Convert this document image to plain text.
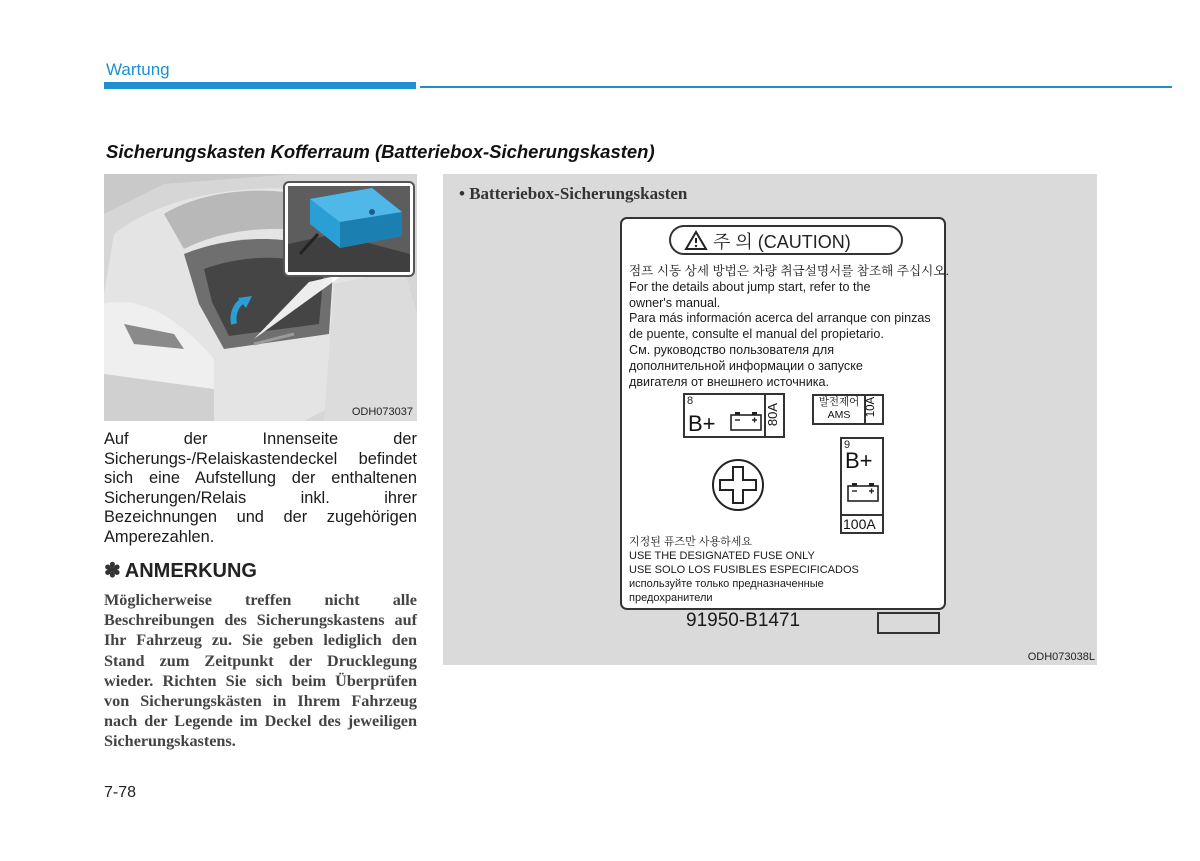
Wartung
Sicherungskasten Kofferraum (Batteriebox-Sicherungskasten)
ODH073037
Auf der Innenseite der Sicherungs-/Relaiskastendeckel befindet sich eine Aufstellung der enthaltenen Sicherungen/Relais inkl. ihrer Bezeichnungen und der zugehörigen Amperezahlen.
✽ ANMERKUNG
Möglicherweise treffen nicht alle Beschreibungen des Sicherungskastens auf Ihr Fahrzeug zu. Sie geben lediglich den Stand zum Zeitpunkt der Drucklegung wieder. Richten Sie sich beim Überprüfen von Sicherungskästen in Ihrem Fahrzeug nach der Legende im Deckel des jeweiligen Sicherungskastens.
7-78
• Batteriebox-Sicherungskasten
주 의 (CAUTION)
점프 시동 상세 방법은 차량 취급설명서를 참조해 주십시오.
For the details about jump start, refer to the
owner's manual.
Para más información acerca del arranque con pinzas
de puente, consulte el manual del propietario.
См. руководство пользователя для
дополнительной информации о запуске
двигателя от внешнего источника.
8
B+	80A
발전제어
AMS	10A
9
B+
100A
지정된 퓨즈만 사용하세요
USE THE DESIGNATED FUSE ONLY
USE SOLO LOS FUSIBLES ESPECIFICADOS
используйте только предназначенные
предохранители
91950-B1471
ODH073038L
